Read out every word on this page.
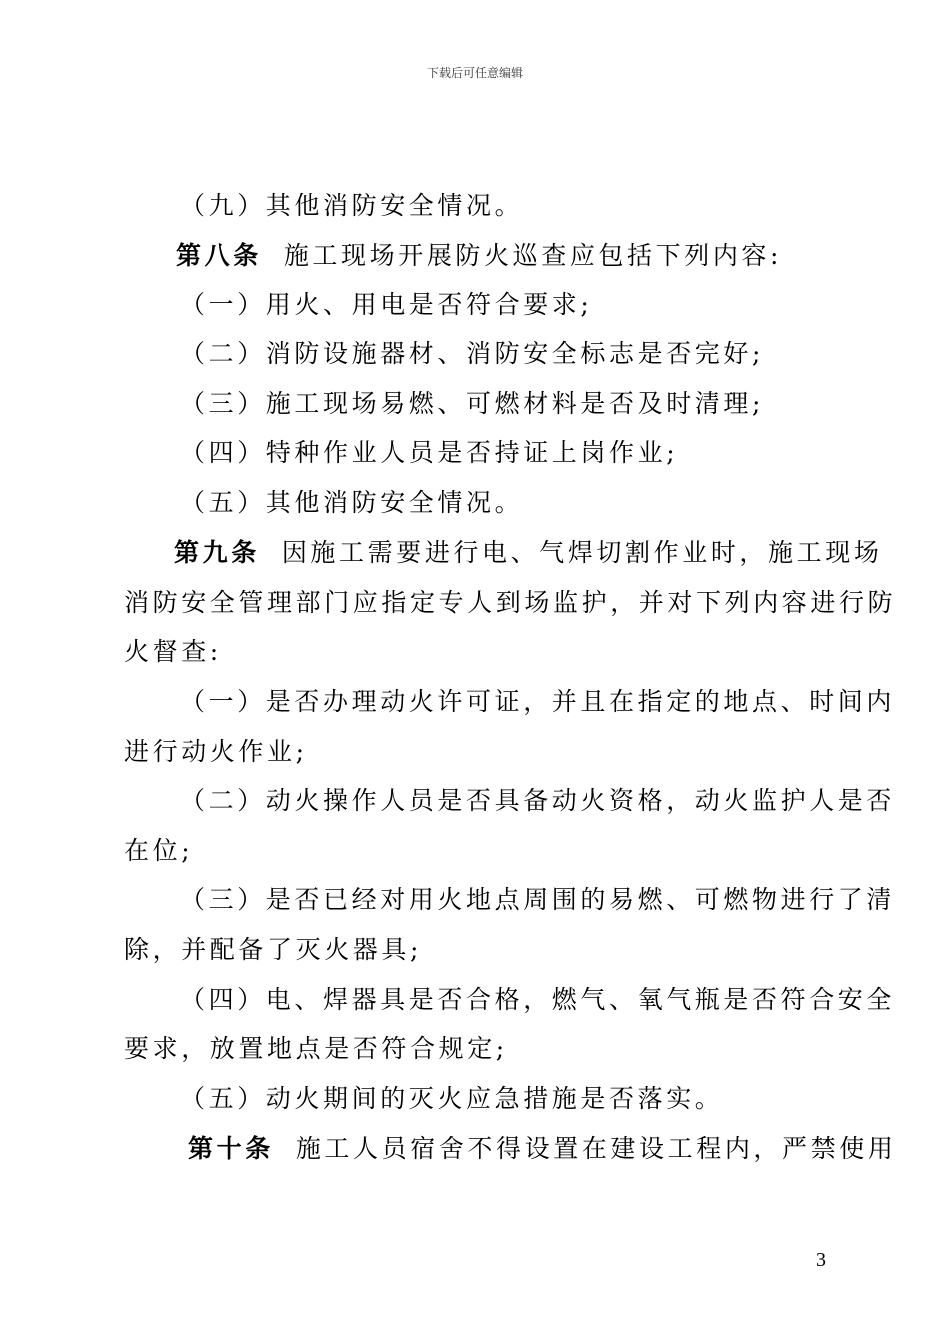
下载后可任意编辑
（九）其他消防安全情况。
第八条 施工现场开展防火巡查应包括下列内容:
（一）用火、用电是否符合要求;
（二）消防设施器材、消防安全标志是否完好;
（三）施工现场易燃、可燃材料是否及时清理;
（四）特种作业人员是否持证上岗作业;
（五）其他消防安全情况。
第九条 因施工需要进行电、气焊切割作业时，施工现场
消防安全管理部门应指定专人到场监护，并对下列内容进行防
火督查:
（一）是否办理动火许可证，并且在指定的地点、时间内
进行动火作业;
（二）动火操作人员是否具备动火资格，动火监护人是否
在位;
（三）是否已经对用火地点周围的易燃、可燃物进行了清
除，并配备了灭火器具;
（四）电、焊器具是否合格，燃气、氧气瓶是否符合安全
要求，放置地点是否符合规定;
（五）动火期间的灭火应急措施是否落实。
第十条 施工人员宿舍不得设置在建设工程内，严禁使用
3
